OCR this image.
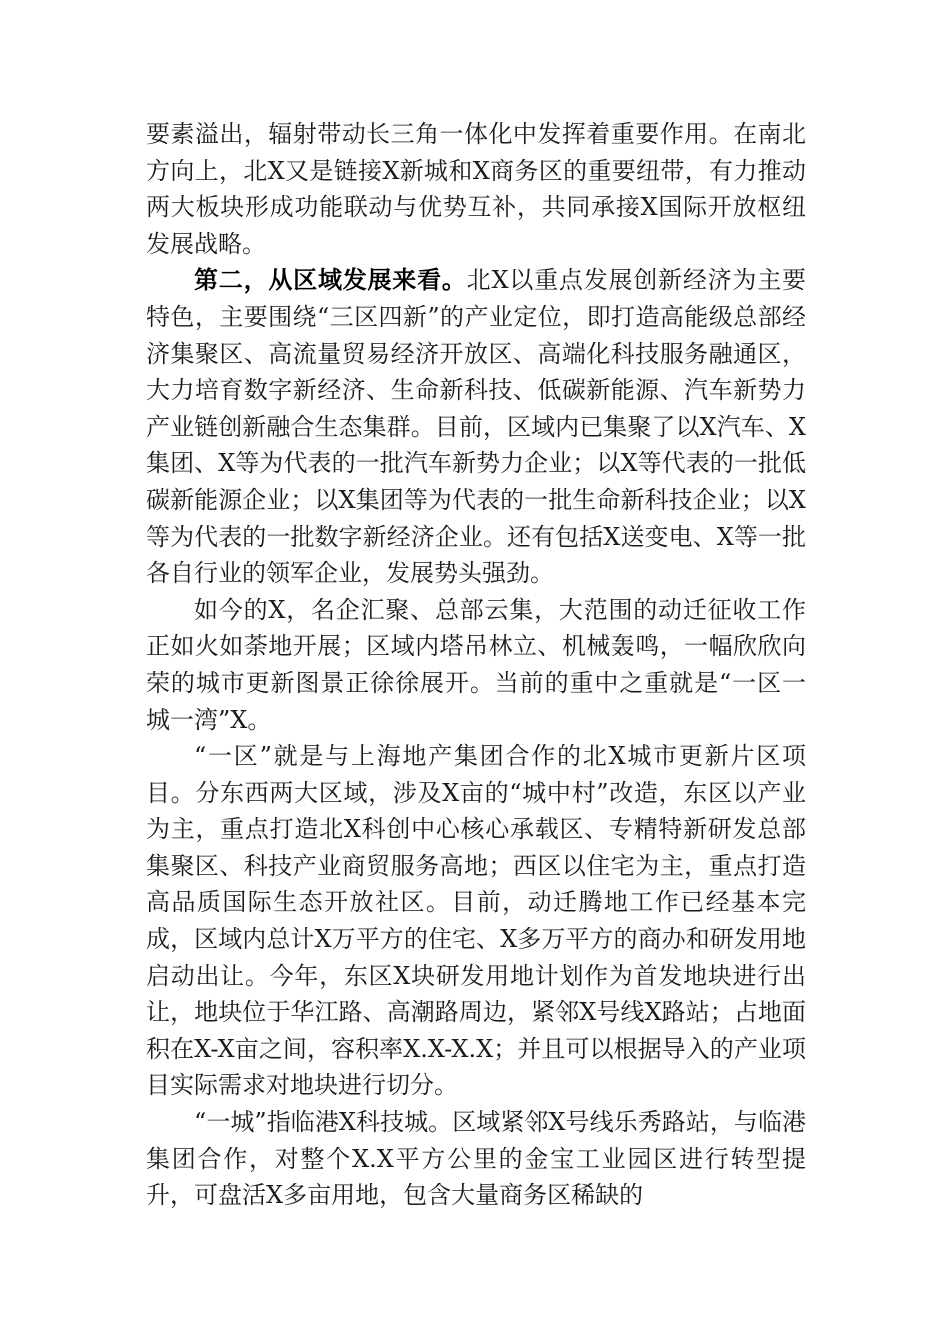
要素溢出，辐射带动长三角一体化中发挥着重要作用。在南北方向上，北X又是链接X新城和X商务区的重要纽带，有力推动两大板块形成功能联动与优势互补，共同承接X国际开放枢纽发展战略。

第二，从区域发展来看。北X以重点发展创新经济为主要特色，主要围绕“三区四新”的产业定位，即打造高能级总部经济集聚区、高流量贸易经济开放区、高端化科技服务融通区，大力培育数字新经济、生命新科技、低碳新能源、汽车新势力产业链创新融合生态集群。目前，区域内已集聚了以X汽车、X集团、X等为代表的一批汽车新势力企业；以X等代表的一批低碳新能源企业；以X集团等为代表的一批生命新科技企业；以X等为代表的一批数字新经济企业。还有包括X送变电、X等一批各自行业的领军企业，发展势头强劲。

如今的X，名企汇聚、总部云集，大范围的动迁征收工作正如火如荼地开展；区域内塔吊林立、机械轰鸣，一幅欣欣向荣的城市更新图景正徐徐展开。当前的重中之重就是“一区一城一湾”X。

“一区”就是与上海地产集团合作的北X城市更新片区项目。分东西两大区域，涉及X亩的“城中村”改造，东区以产业为主，重点打造北X科创中心核心承载区、专精特新研发总部集聚区、科技产业商贸服务高地；西区以住宅为主，重点打造高品质国际生态开放社区。目前，动迁腾地工作已经基本完成，区域内总计X万平方的住宅、X多万平方的商办和研发用地启动出让。今年，东区X块研发用地计划作为首发地块进行出让，地块位于华江路、高潮路周边，紧邻X号线X路站；占地面积在X-X亩之间，容积率X.X-X.X；并且可以根据导入的产业项目实际需求对地块进行切分。

“一城”指临港X科技城。区域紧邻X号线乐秀路站，与临港集团合作，对整个X.X平方公里的金宝工业园区进行转型提升，可盘活X多亩用地，包含大量商务区稀缺的
